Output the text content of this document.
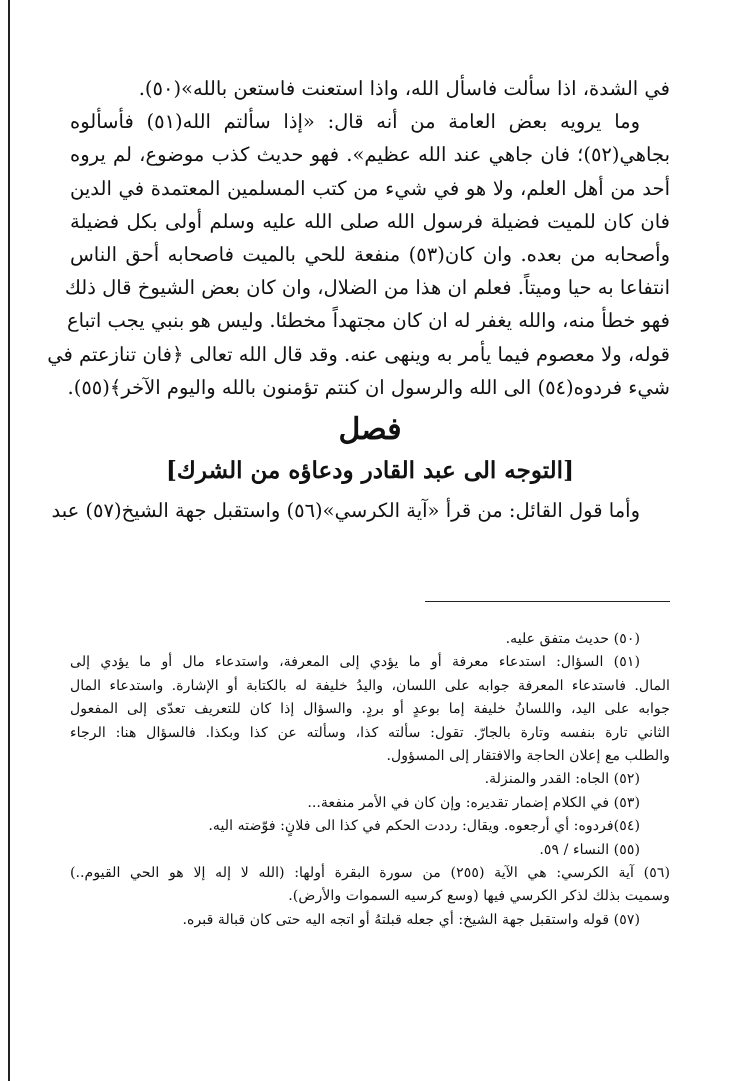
في الشدة، اذا سألت فاسأل الله، واذا استعنت فاستعن بالله»(٥٠).
وما يرويه بعض العامة من أنه قال: «إذا سألتم الله(٥١) فأسألوه
بجاهي(٥٢)؛ فان جاهي عند الله عظيم». فهو حديث كذب موضوع، لم يروه
أحد من أهل العلم، ولا هو في شيء من كتب المسلمين المعتمدة في الدين
فان كان للميت فضيلة فرسول الله صلى الله عليه وسلم أولى بكل فضيلة
وأصحابه من بعده. وان كان(٥٣) منفعة للحي بالميت فاصحابه أحق الناس
انتفاعا به حيا وميتاً. فعلم ان هذا من الضلال، وان كان بعض الشيوخ قال ذلك
فهو خطأ منه، والله يغفر له ان كان مجتهداً مخطئا. وليس هو بنبي يجب اتباع
قوله، ولا معصوم فيما يأمر به وينهى عنه. وقد قال الله تعالى ﴿فان تنازعتم في
شيء فردوه(٥٤) الى الله والرسول ان كنتم تؤمنون بالله واليوم الآخر﴾(٥٥).
فصل
[التوجه الى عبد القادر ودعاؤه من الشرك]
وأما قول القائل: من قرأ «آية الكرسي»(٥٦) واستقبل جهة الشيخ(٥٧) عبد
(٥٠) حديث متفق عليه.
(٥١) السؤال: استدعاء معرفة أو ما يؤدي إلى المعرفة، واستدعاء مال أو ما يؤدي إلى
المال. فاستدعاء المعرفة جوابه على اللسان، واليدُ خليفة له بالكتابة أو الإشارة. واستدعاء المال
جوابه على اليد، واللسانُ خليفة إما بوعدٍ أو بردٍ. والسؤال إذا كان للتعريف تعدّى إلى المفعول
الثاني تارة بنفسه وتارة بالجارّ. تقول: سألته كذا، وسألته عن كذا وبكذا. فالسؤال هنا: الرجاء
والطلب مع إعلان الحاجة والافتقار إلى المسؤول.
(٥٢) الجاه: القدر والمنزلة.
(٥٣) في الكلام إضمار تقديره: وإن كان في الأمر منفعة...
(٥٤)فردوه: أي أرجعوه. ويقال: رددت الحكم في كذا الى فلانٍ: فوّضته اليه.
(٥٥) النساء / ٥٩.
(٥٦) آية الكرسي: هي الآية (٢٥٥) من سورة البقرة أولها: (الله لا إله إلا هو الحي القيوم..)
وسميت بذلك لذكر الكرسي فيها (وسع كرسيه السموات والأرض).
(٥٧) قوله واستقبل جهة الشيخ: أي جعله قبلتهُ أو اتجه اليه حتى كان قبالة قبره.
